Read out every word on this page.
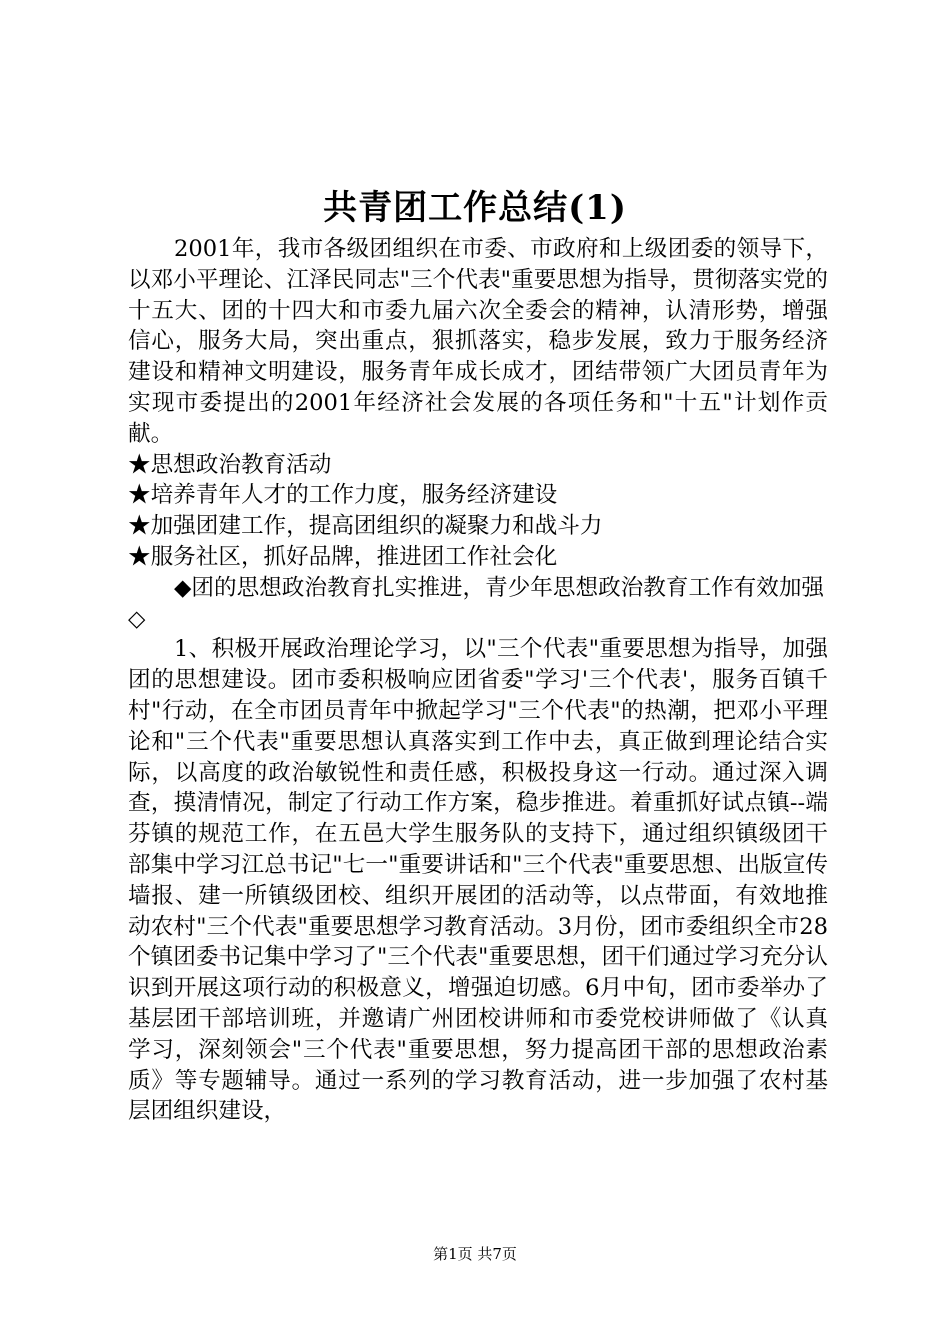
共青团工作总结(1)

2001年，我市各级团组织在市委、市政府和上级团委的领导下，以邓小平理论、江泽民同志"三个代表"重要思想为指导，贯彻落实党的十五大、团的十四大和市委九届六次全委会的精神，认清形势，增强信心，服务大局，突出重点，狠抓落实，稳步发展，致力于服务经济建设和精神文明建设，服务青年成长成才，团结带领广大团员青年为实现市委提出的2001年经济社会发展的各项任务和"十五"计划作贡献。

★思想政治教育活动

★培养青年人才的工作力度，服务经济建设

★加强团建工作，提高团组织的凝聚力和战斗力

★服务社区，抓好品牌，推进团工作社会化

◆团的思想政治教育扎实推进，青少年思想政治教育工作有效加强

◇

1、积极开展政治理论学习，以"三个代表"重要思想为指导，加强团的思想建设。团市委积极响应团省委"学习'三个代表'，服务百镇千村"行动，在全市团员青年中掀起学习"三个代表"的热潮，把邓小平理论和"三个代表"重要思想认真落实到工作中去，真正做到理论结合实际，以高度的政治敏锐性和责任感，积极投身这一行动。通过深入调查，摸清情况，制定了行动工作方案，稳步推进。着重抓好试点镇--端芬镇的规范工作，在五邑大学生服务队的支持下，通过组织镇级团干部集中学习江总书记"七一"重要讲话和"三个代表"重要思想、出版宣传墙报、建一所镇级团校、组织开展团的活动等，以点带面，有效地推动农村"三个代表"重要思想学习教育活动。3月份，团市委组织全市28个镇团委书记集中学习了"三个代表"重要思想，团干们通过学习充分认识到开展这项行动的积极意义，增强迫切感。6月中旬，团市委举办了基层团干部培训班，并邀请广州团校讲师和市委党校讲师做了《认真学习，深刻领会"三个代表"重要思想，努力提高团干部的思想政治素质》等专题辅导。通过一系列的学习教育活动，进一步加强了农村基层团组织建设，

第1页 共7页
